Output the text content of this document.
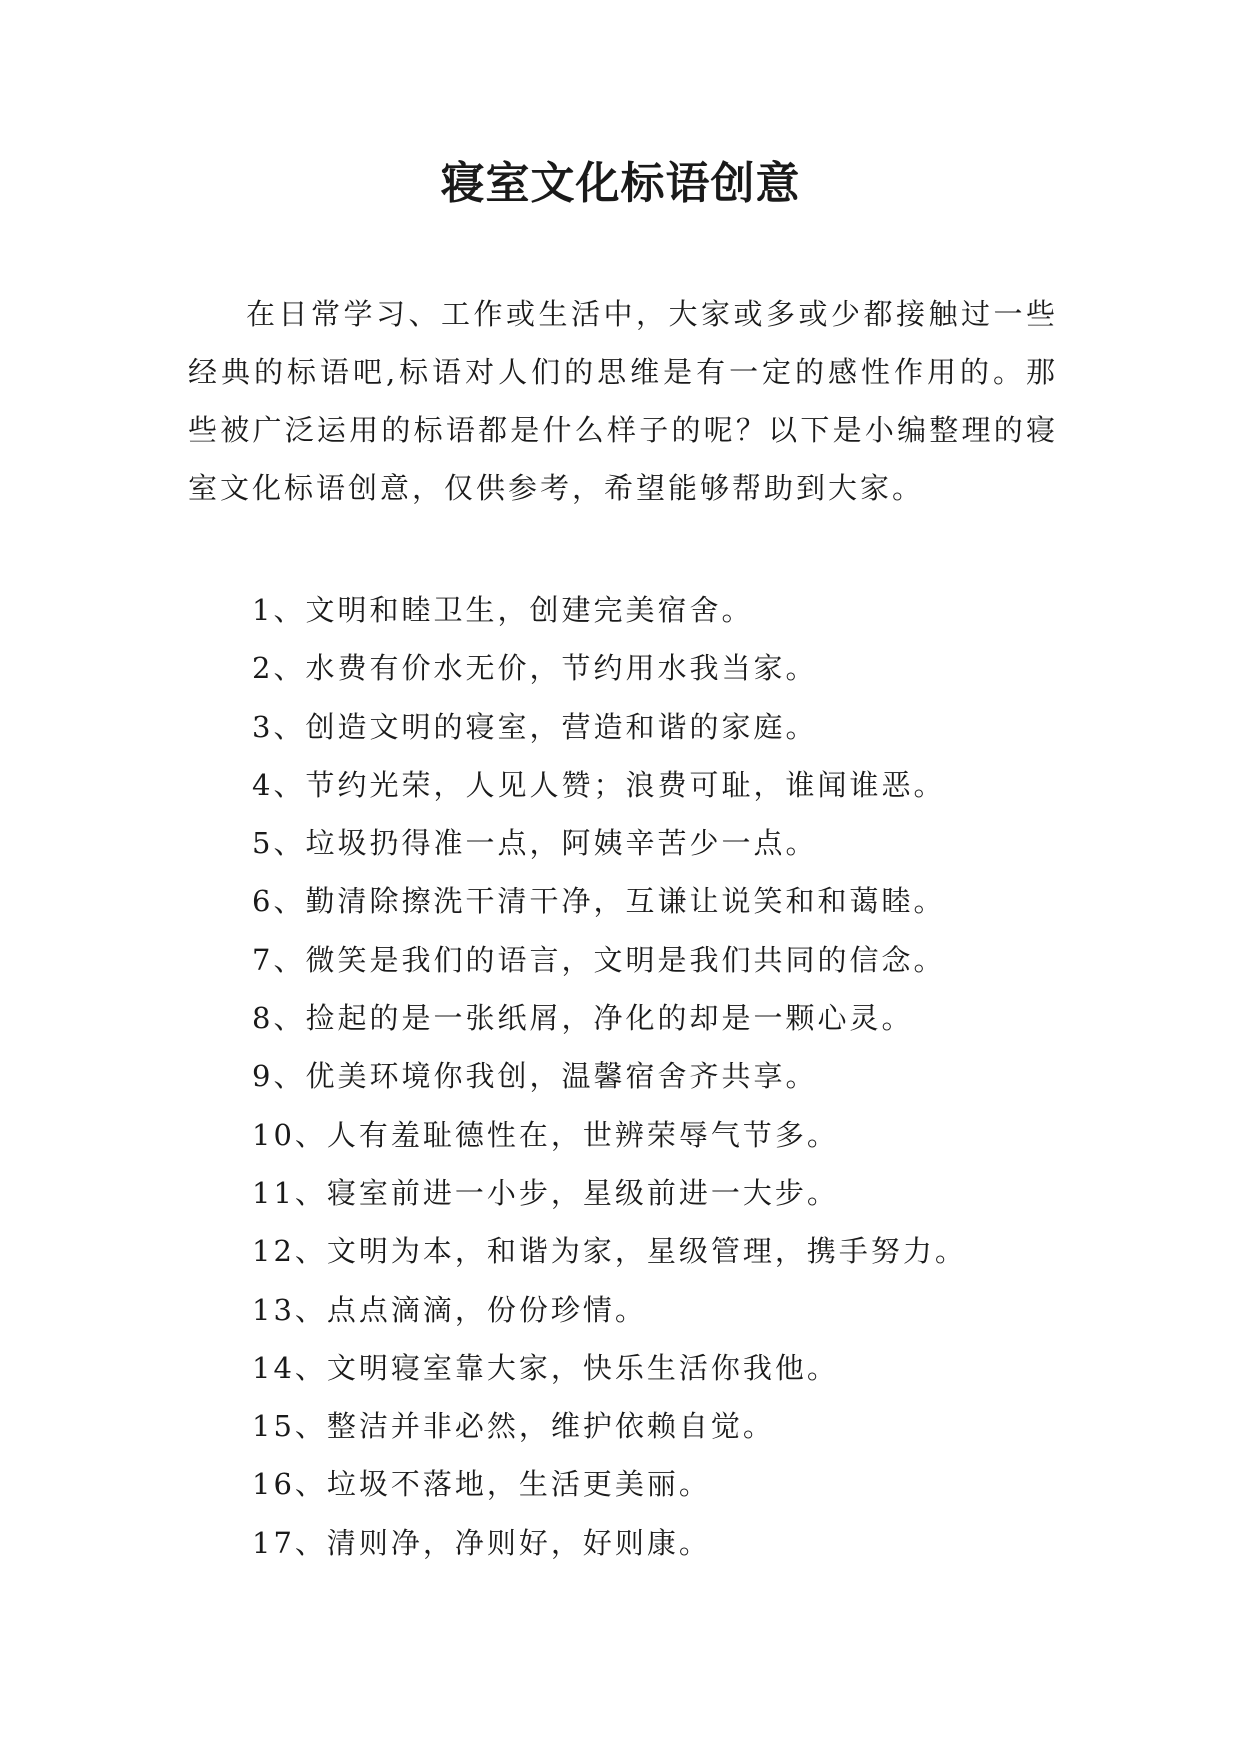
寝室文化标语创意

在日常学习、工作或生活中，大家或多或少都接触过一些经典的标语吧,标语对人们的思维是有一定的感性作用的。那些被广泛运用的标语都是什么样子的呢？以下是小编整理的寝室文化标语创意，仅供参考，希望能够帮助到大家。

1、文明和睦卫生，创建完美宿舍。
2、水费有价水无价，节约用水我当家。
3、创造文明的寝室，营造和谐的家庭。
4、节约光荣，人见人赞；浪费可耻，谁闻谁恶。
5、垃圾扔得准一点，阿姨辛苦少一点。
6、勤清除擦洗干清干净，互谦让说笑和和蔼睦。
7、微笑是我们的语言，文明是我们共同的信念。
8、捡起的是一张纸屑，净化的却是一颗心灵。
9、优美环境你我创，温馨宿舍齐共享。
10、人有羞耻德性在，世辨荣辱气节多。
11、寝室前进一小步，星级前进一大步。
12、文明为本，和谐为家，星级管理，携手努力。
13、点点滴滴，份份珍情。
14、文明寝室靠大家，快乐生活你我他。
15、整洁并非必然，维护依赖自觉。
16、垃圾不落地，生活更美丽。
17、清则净，净则好，好则康。
